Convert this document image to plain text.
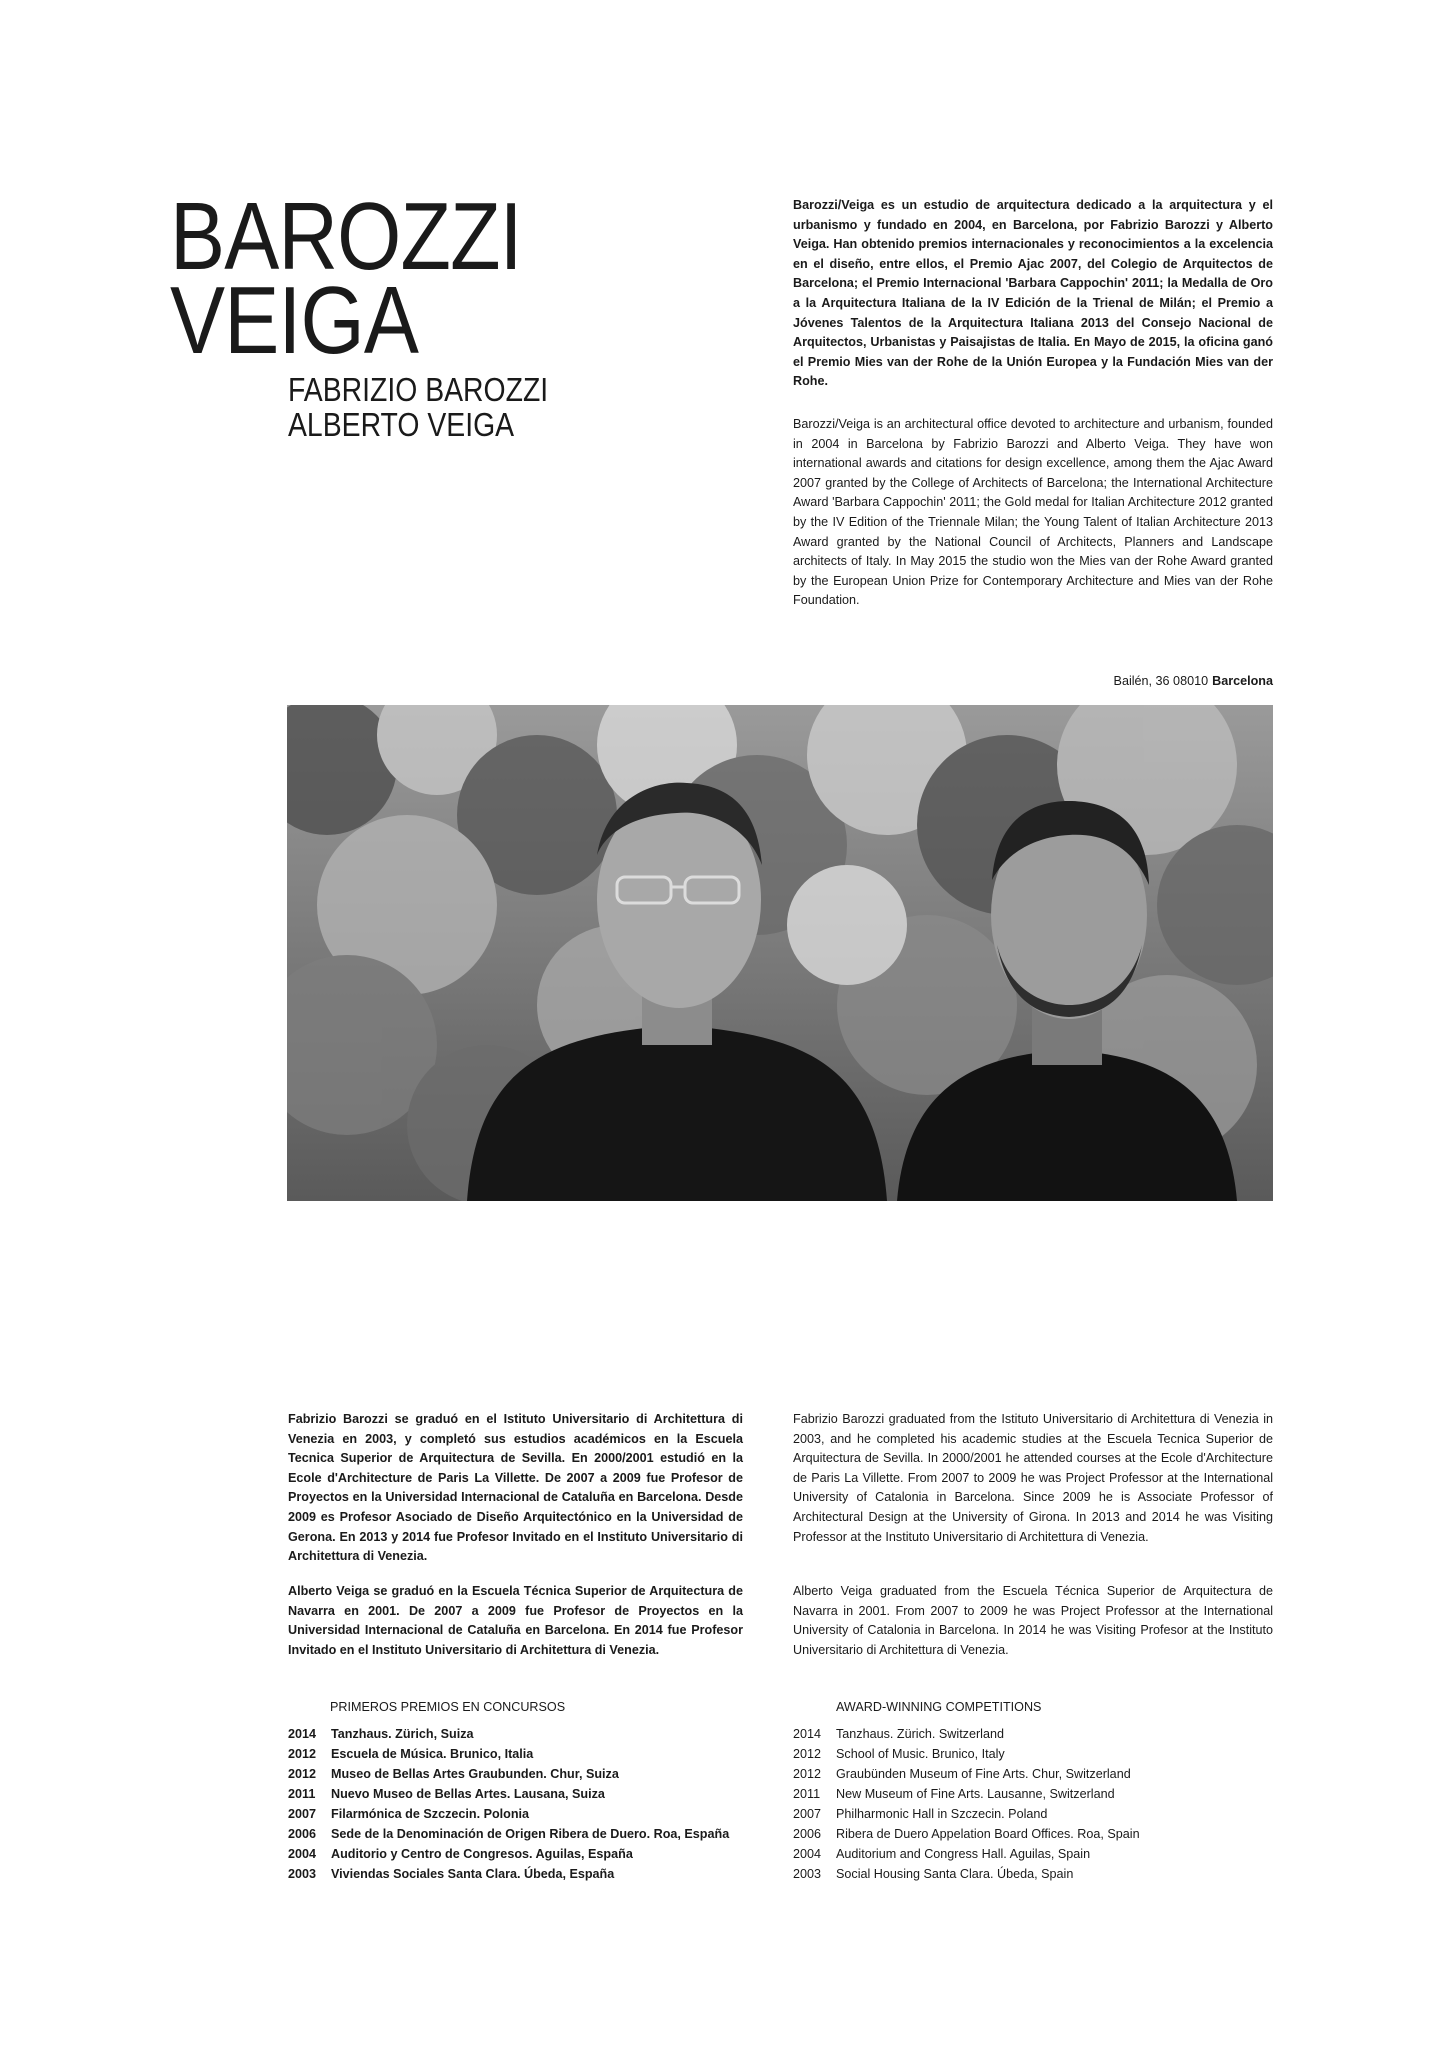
BAROZZI
VEIGA
FABRIZIO BAROZZI
ALBERTO VEIGA

Barozzi/Veiga es un estudio de arquitectura dedicado a la arquitectura y el urbanismo y fundado en 2004, en Barcelona, por Fabrizio Barozzi y Alberto Veiga. Han obtenido premios internacionales y reconocimientos a la excelencia en el diseño, entre ellos, el Premio Ajac 2007, del Colegio de Arquitectos de Barcelona; el Premio Internacional 'Barbara Cappochin' 2011; la Medalla de Oro a la Arquitectura Italiana de la IV Edición de la Trienal de Milán; el Premio a Jóvenes Talentos de la Arquitectura Italiana 2013 del Consejo Nacional de Arquitectos, Urbanistas y Paisajistas de Italia. En Mayo de 2015, la oficina ganó el Premio Mies van der Rohe de la Unión Europea y la Fundación Mies van der Rohe.

Barozzi/Veiga is an architectural office devoted to architecture and urbanism, founded in 2004 in Barcelona by Fabrizio Barozzi and Alberto Veiga. They have won international awards and citations for design excellence, among them the Ajac Award 2007 granted by the College of Architects of Barcelona; the International Architecture Award 'Barbara Cappochin' 2011; the Gold medal for Italian Architecture 2012 granted by the IV Edition of the Triennale Milan; the Young Talent of Italian Architecture 2013 Award granted by the National Council of Architects, Planners and Landscape architects of Italy. In May 2015 the studio won the Mies van der Rohe Award granted by the European Union Prize for Contemporary Architecture and Mies van der Rohe Foundation.

Bailén, 36 08010 Barcelona

Fabrizio Barozzi se graduó en el Istituto Universitario di Architettura di Venezia en 2003, y completó sus estudios académicos en la Escuela Tecnica Superior de Arquitectura de Sevilla. En 2000/2001 estudió en la Ecole d'Architecture de Paris La Villette. De 2007 a 2009 fue Profesor de Proyectos en la Universidad Internacional de Cataluña en Barcelona. Desde 2009 es Profesor Asociado de Diseño Arquitectónico en la Universidad de Gerona. En 2013 y 2014 fue Profesor Invitado en el Instituto Universitario di Architettura di Venezia.

Alberto Veiga se graduó en la Escuela Técnica Superior de Arquitectura de Navarra en 2001. De 2007 a 2009 fue Profesor de Proyectos en la Universidad Internacional de Cataluña en Barcelona. En 2014 fue Profesor Invitado en el Instituto Universitario di Architettura di Venezia.

Fabrizio Barozzi graduated from the Istituto Universitario di Architettura di Venezia in 2003, and he completed his academic studies at the Escuela Tecnica Superior de Arquitectura de Sevilla. In 2000/2001 he attended courses at the Ecole d'Architecture de Paris La Villette. From 2007 to 2009 he was Project Professor at the International University of Catalonia in Barcelona. Since 2009 he is Associate Professor of Architectural Design at the University of Girona. In 2013 and 2014 he was Visiting Professor at the Instituto Universitario di Architettura di Venezia.

Alberto Veiga graduated from the Escuela Técnica Superior de Arquitectura de Navarra in 2001. From 2007 to 2009 he was Project Professor at the International University of Catalonia in Barcelona. In 2014 he was Visiting Profesor at the Instituto Universitario di Architettura di Venezia.

PRIMEROS PREMIOS EN CONCURSOS	AWARD-WINNING COMPETITIONS
2014	Tanzhaus. Zürich, Suiza
2012	Escuela de Música. Brunico, Italia
2012	Museo de Bellas Artes Graubunden. Chur, Suiza
2011	Nuevo Museo de Bellas Artes. Lausana, Suiza
2007	Filarmónica de Szczecin. Polonia
2006	Sede de la Denominación de Origen Ribera de Duero. Roa, España
2004	Auditorio y Centro de Congresos. Aguilas, España
2003	Viviendas Sociales Santa Clara. Úbeda, España
2014	Tanzhaus. Zürich. Switzerland
2012	School of Music. Brunico, Italy
2012	Graubünden Museum of Fine Arts. Chur, Switzerland
2011	New Museum of Fine Arts. Lausanne, Switzerland
2007	Philharmonic Hall in Szczecin. Poland
2006	Ribera de Duero Appelation Board Offices. Roa, Spain
2004	Auditorium and Congress Hall. Aguilas, Spain
2003	Social Housing Santa Clara. Úbeda, Spain
